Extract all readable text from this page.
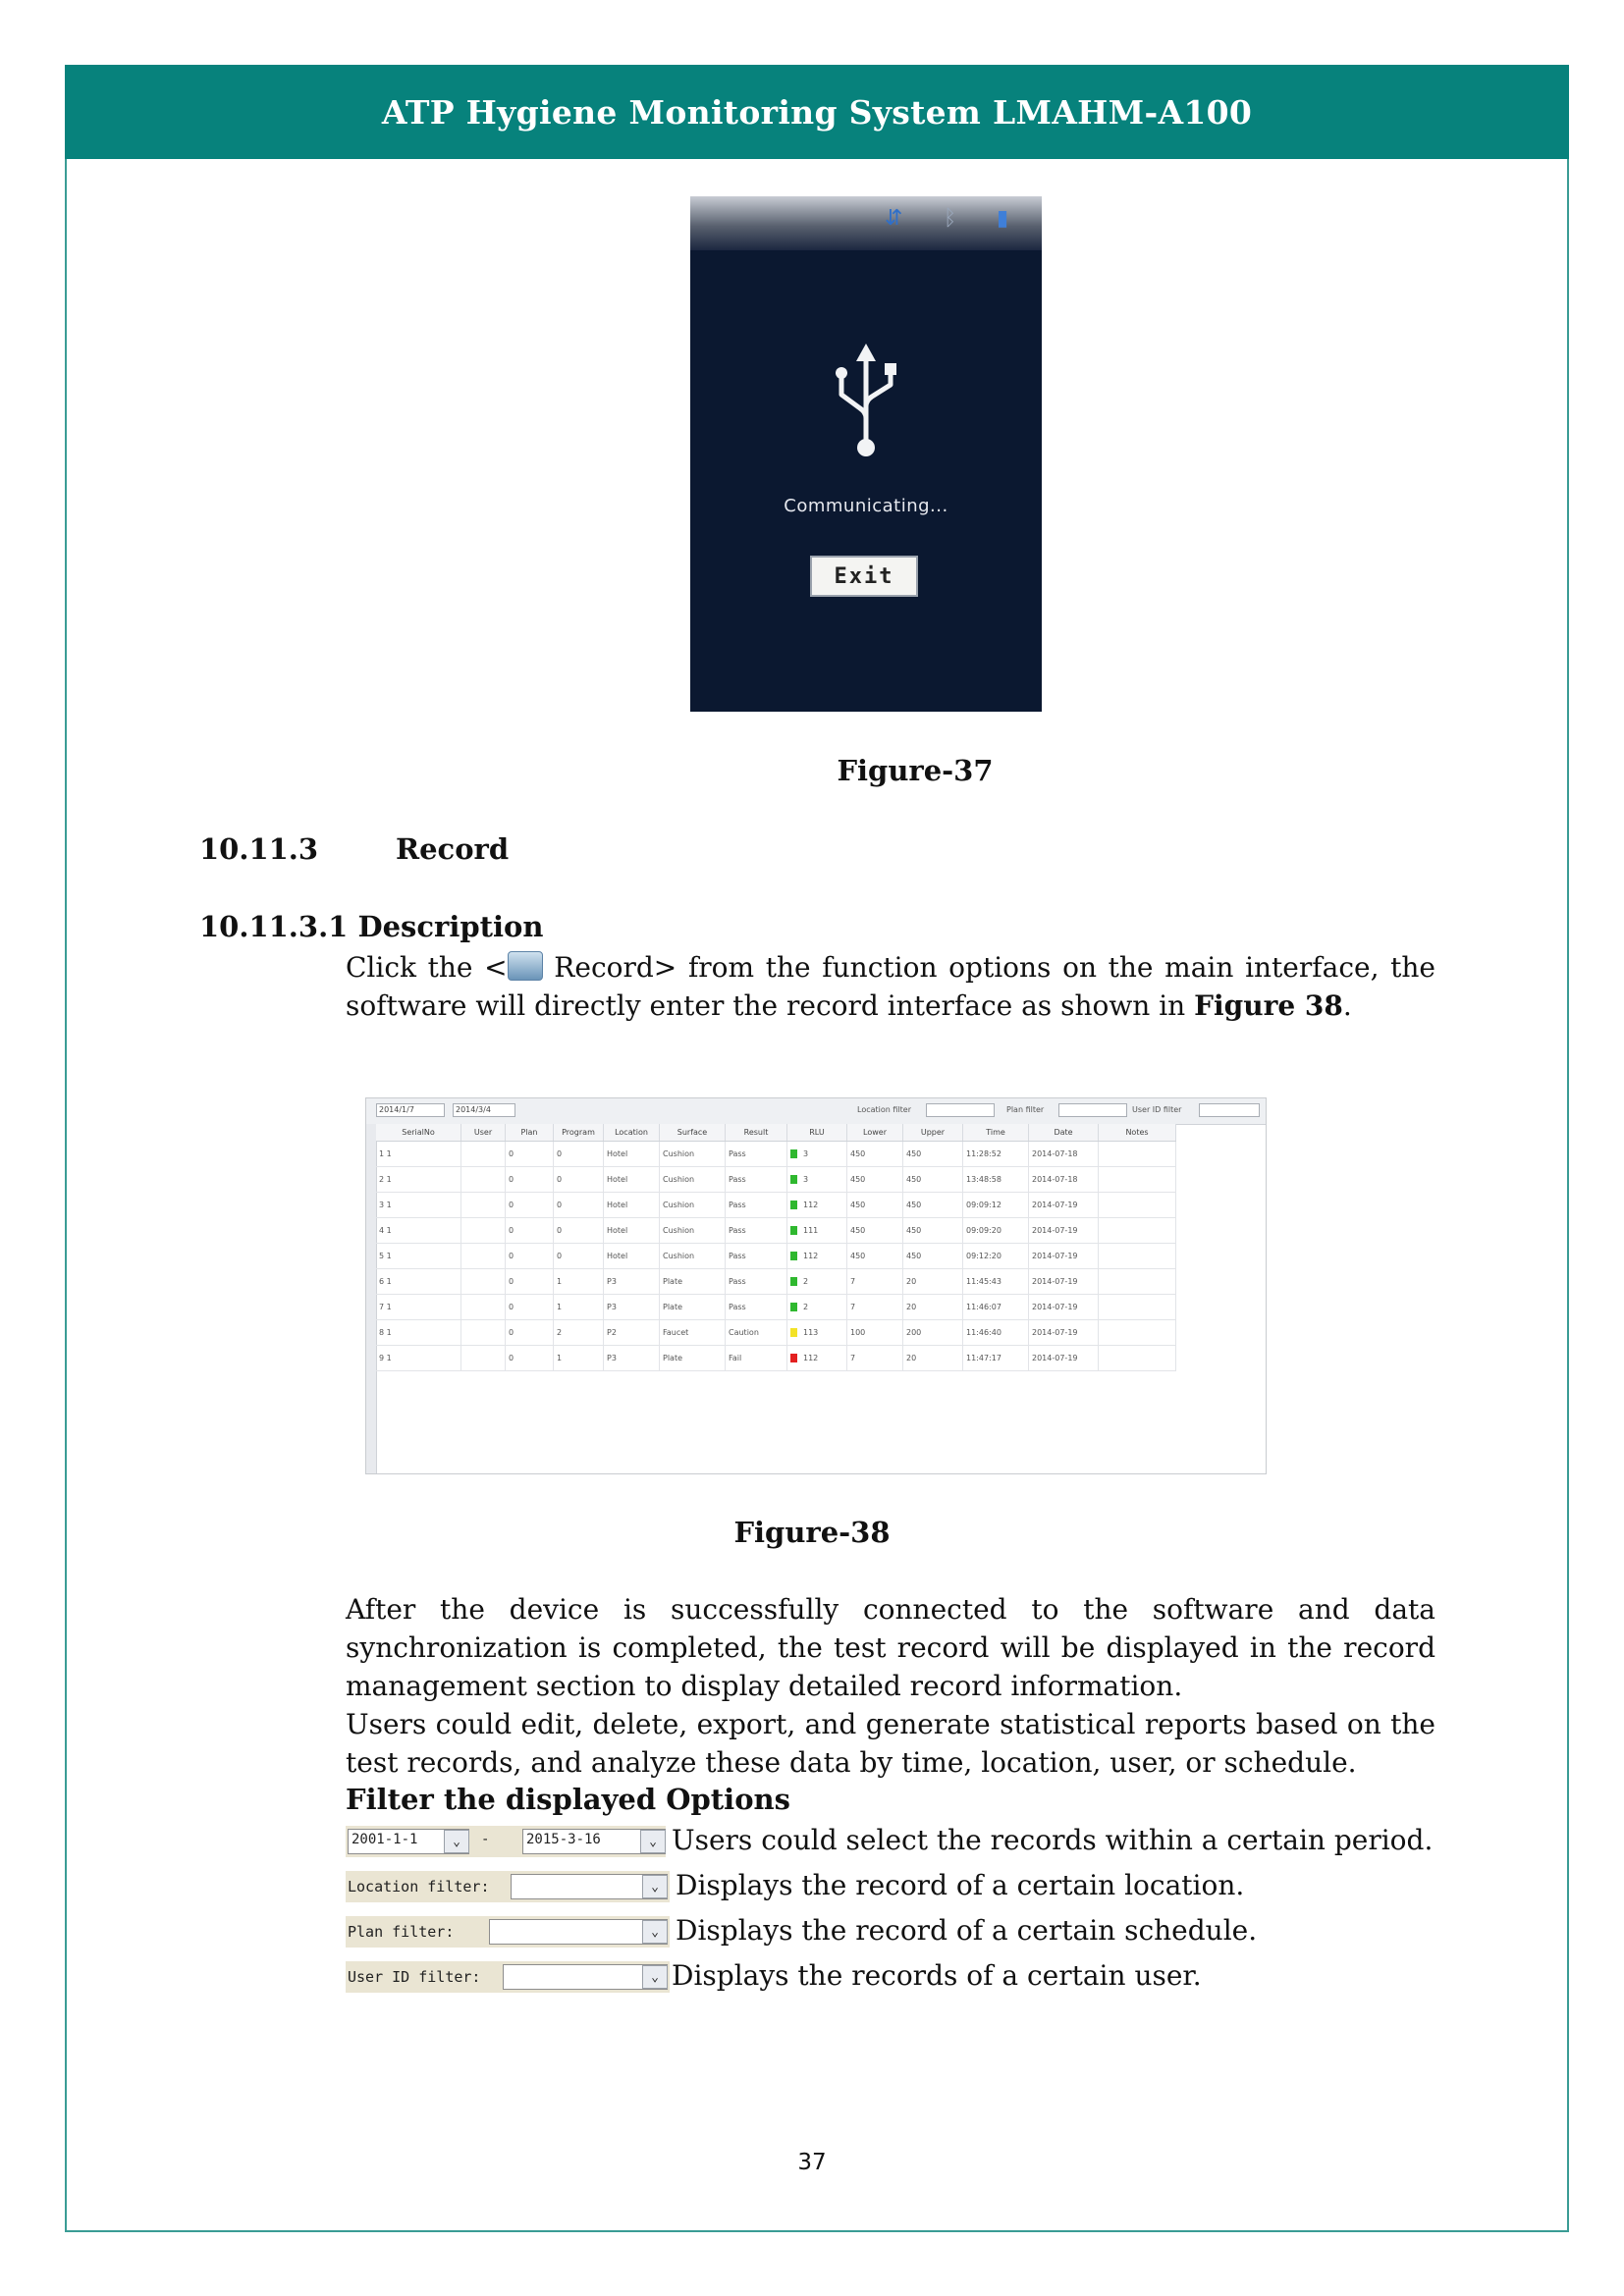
ATP Hygiene Monitoring System LMAHM-A100
⇵ ᛒ ▮
Communicating...
Exit
Figure-37
10.11.3	Record
10.11.3.1 Description
Click the < Record> from the function options on the main interface, the software will directly enter the record interface as shown in Figure 38.
2014/1/7	2014/3/4	Location filter	Plan filter	User ID filter
SerialNo	User	Plan	Program	Location	Surface	Result	RLU	Lower	Upper	Time	Date	Notes
1 1		0	0	Hotel	Cushion	Pass	3	450	450	11:28:52	2014-07-18	
2 1		0	0	Hotel	Cushion	Pass	3	450	450	13:48:58	2014-07-18	
3 1		0	0	Hotel	Cushion	Pass	112	450	450	09:09:12	2014-07-19	
4 1		0	0	Hotel	Cushion	Pass	111	450	450	09:09:20	2014-07-19	
5 1		0	0	Hotel	Cushion	Pass	112	450	450	09:12:20	2014-07-19	
6 1		0	1	P3	Plate	Pass	2	7	20	11:45:43	2014-07-19	
7 1		0	1	P3	Plate	Pass	2	7	20	11:46:07	2014-07-19	
8 1		0	2	P2	Faucet	Caution	113	100	200	11:46:40	2014-07-19	
9 1		0	1	P3	Plate	Fail	112	7	20	11:47:17	2014-07-19	
Figure-38
After the device is successfully connected to the software and data synchronization is completed, the test record will be displayed in the record management section to display detailed record information.
Users could edit, delete, export, and generate statistical reports based on the test records, and analyze these data by time, location, user, or schedule.
Filter the displayed Options
2001-1-1	⌄ -	2015-3-16	⌄ Users could select the records within a certain period.
Location filter:	⌄ Displays the record of a certain location.
Plan filter:	⌄ Displays the record of a certain schedule.
User ID filter:	⌄ Displays the records of a certain user.
37
